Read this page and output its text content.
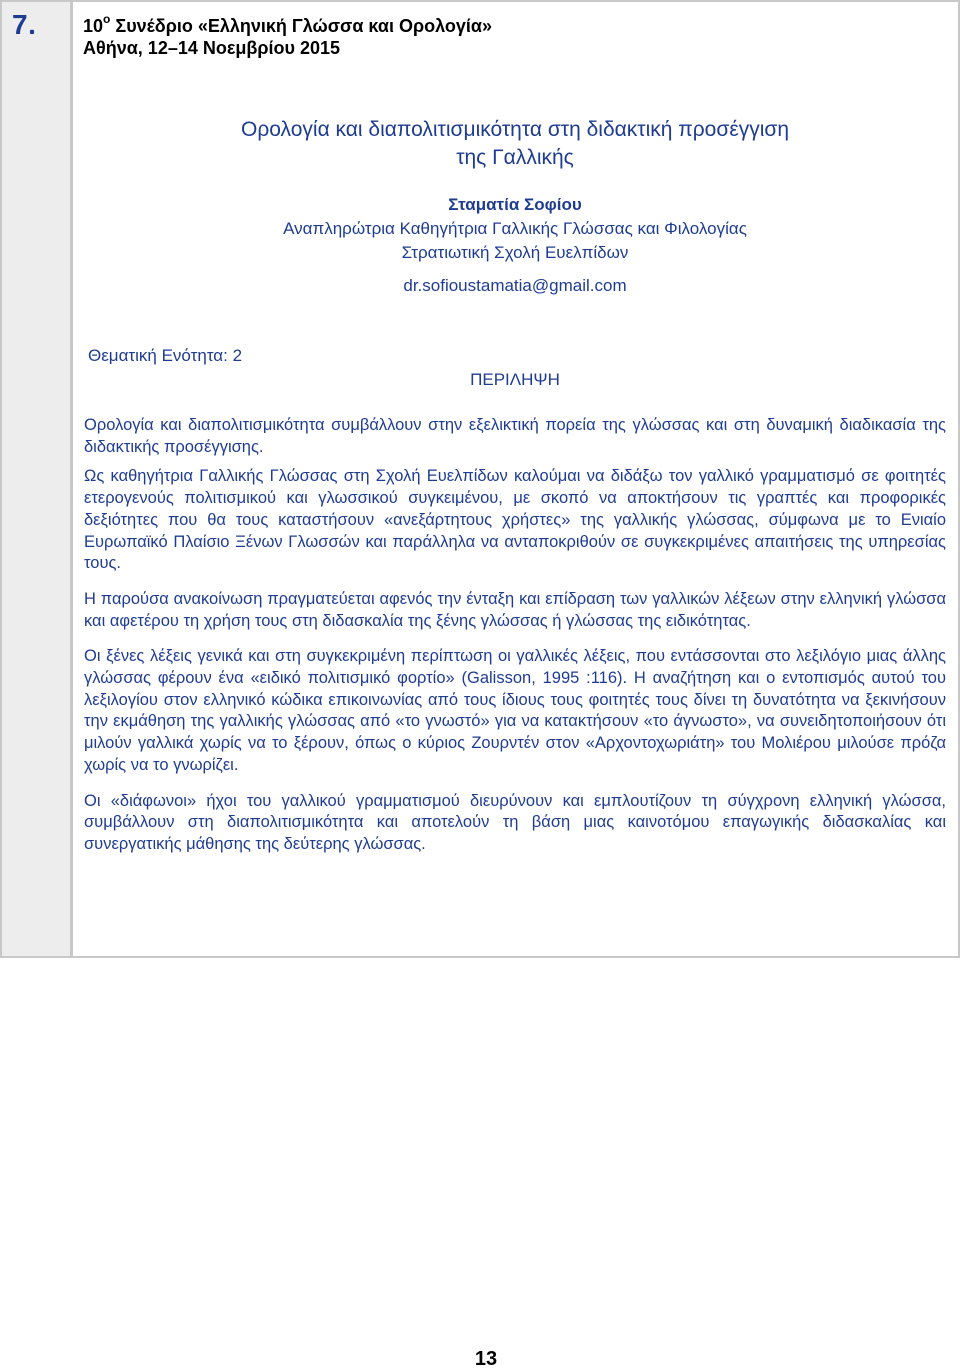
7.	$10^o$ Συνέδριο «Ελληνική Γλώσσα και Ορολογία»
Αθήνα, 12–14 Νοεμβρίου 2015
Ορολογία και διαπολιτισμικότητα στη διδακτική προσέγγιση
της Γαλλικής
Σταματία Σοφίου
Αναπληρώτρια Καθηγήτρια Γαλλικής Γλώσσας και Φιλολογίας
Στρατιωτική Σχολή Ευελπίδων
dr.sofioustamatia@gmail.com
Θεματική Ενότητα: 2
ΠΕΡΙΛΗΨΗ

Ορολογία και διαπολιτισμικότητα συμβάλλουν στην εξελικτική πορεία της γλώσσας και στη δυναμική διαδικασία της διδακτικής προσέγγισης.

Ως καθηγήτρια Γαλλικής Γλώσσας στη Σχολή Ευελπίδων καλούμαι να διδάξω τον γαλλικό γραμματισμό σε φοιτητές ετερογενούς πολιτισμικού και γλωσσικού συγκειμένου, με σκοπό να αποκτήσουν τις γραπτές και προφορικές δεξιότητες που θα τους καταστήσουν «ανεξάρτητους χρήστες» της γαλλικής γλώσσας, σύμφωνα με το Ενιαίο Ευρωπαϊκό Πλαίσιο Ξένων Γλωσσών και παράλληλα να ανταποκριθούν σε συγκεκριμένες απαιτήσεις της υπηρεσίας τους.

Η παρούσα ανακοίνωση πραγματεύεται αφενός την ένταξη και επίδραση των γαλλικών λέξεων στην ελληνική γλώσσα και αφετέρου τη χρήση τους στη διδασκαλία της ξένης γλώσσας ή γλώσσας της ειδικότητας.

Οι ξένες λέξεις γενικά και στη συγκεκριμένη περίπτωση οι γαλλικές λέξεις, που εντάσσονται στο λεξιλόγιο μιας άλλης γλώσσας φέρουν ένα «ειδικό πολιτισμικό φορτίο» (Galisson, 1995 :116). Η αναζήτηση και ο εντοπισμός αυτού του λεξιλογίου στον ελληνικό κώδικα επικοινωνίας από τους ίδιους τους φοιτητές τους δίνει τη δυνατότητα να ξεκινήσουν την εκμάθηση της γαλλικής γλώσσας από «το γνωστό» για να κατακτήσουν «το άγνωστο», να συνειδητοποιήσουν ότι μιλούν γαλλικά χωρίς να το ξέρουν, όπως ο κύριος Ζουρντέν στον «Αρχοντοχωριάτη» του Μολιέρου μιλούσε πρόζα χωρίς να το γνωρίζει.

Οι «διάφωνοι» ήχοι του γαλλικού γραμματισμού διευρύνουν και εμπλουτίζουν τη σύγχρονη ελληνική γλώσσα, συμβάλλουν στη διαπολιτισμικότητα και αποτελούν τη βάση μιας καινοτόμου επαγωγικής διδασκαλίας και συνεργατικής μάθησης της δεύτερης γλώσσας.

13
